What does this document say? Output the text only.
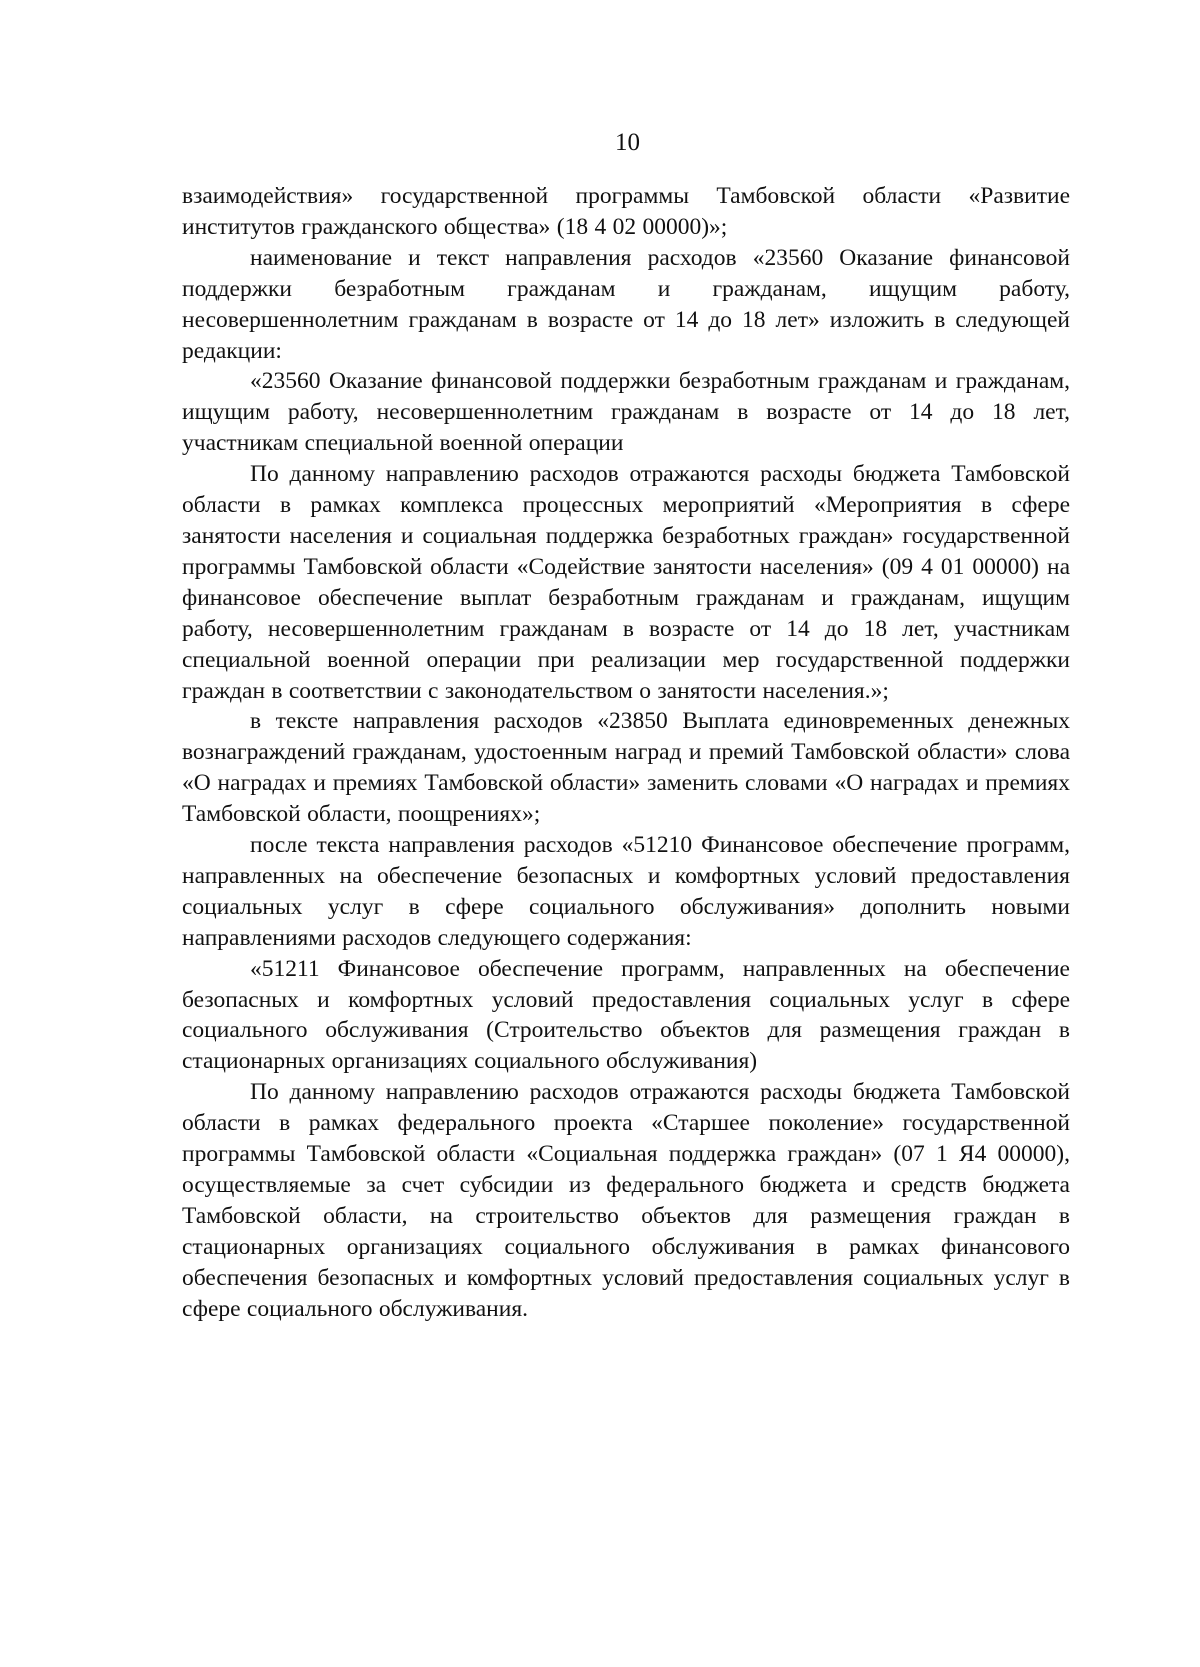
10

взаимодействия» государственной программы Тамбовской области «Развитие институтов гражданского общества» (18 4 02 00000)»;

наименование и текст направления расходов «23560 Оказание финансовой поддержки безработным гражданам и гражданам, ищущим работу, несовершеннолетним гражданам в возрасте от 14 до 18 лет» изложить в следующей редакции:

«23560 Оказание финансовой поддержки безработным гражданам и гражданам, ищущим работу, несовершеннолетним гражданам в возрасте от 14 до 18 лет, участникам специальной военной операции

По данному направлению расходов отражаются расходы бюджета Тамбовской области в рамках комплекса процессных мероприятий «Мероприятия в сфере занятости населения и социальная поддержка безработных граждан» государственной программы Тамбовской области «Содействие занятости населения» (09 4 01 00000) на финансовое обеспечение выплат безработным гражданам и гражданам, ищущим работу, несовершеннолетним гражданам в возрасте от 14 до 18 лет, участникам специальной военной операции при реализации мер государственной поддержки граждан в соответствии с законодательством о занятости населения.»;

в тексте направления расходов «23850 Выплата единовременных денежных вознаграждений гражданам, удостоенным наград и премий Тамбовской области» слова «О наградах и премиях Тамбовской области» заменить словами «О наградах и премиях Тамбовской области, поощрениях»;

после текста направления расходов «51210 Финансовое обеспечение программ, направленных на обеспечение безопасных и комфортных условий предоставления социальных услуг в сфере социального обслуживания» дополнить новыми направлениями расходов следующего содержания:

«51211 Финансовое обеспечение программ, направленных на обеспечение безопасных и комфортных условий предоставления социальных услуг в сфере социального обслуживания (Строительство объектов для размещения граждан в стационарных организациях социального обслуживания)

По данному направлению расходов отражаются расходы бюджета Тамбовской области в рамках федерального проекта «Старшее поколение» государственной программы Тамбовской области «Социальная поддержка граждан» (07 1 Я4 00000), осуществляемые за счет субсидии из федерального бюджета и средств бюджета Тамбовской области, на строительство объектов для размещения граждан в стационарных организациях социального обслуживания в рамках финансового обеспечения безопасных и комфортных условий предоставления социальных услуг в сфере социального обслуживания.
